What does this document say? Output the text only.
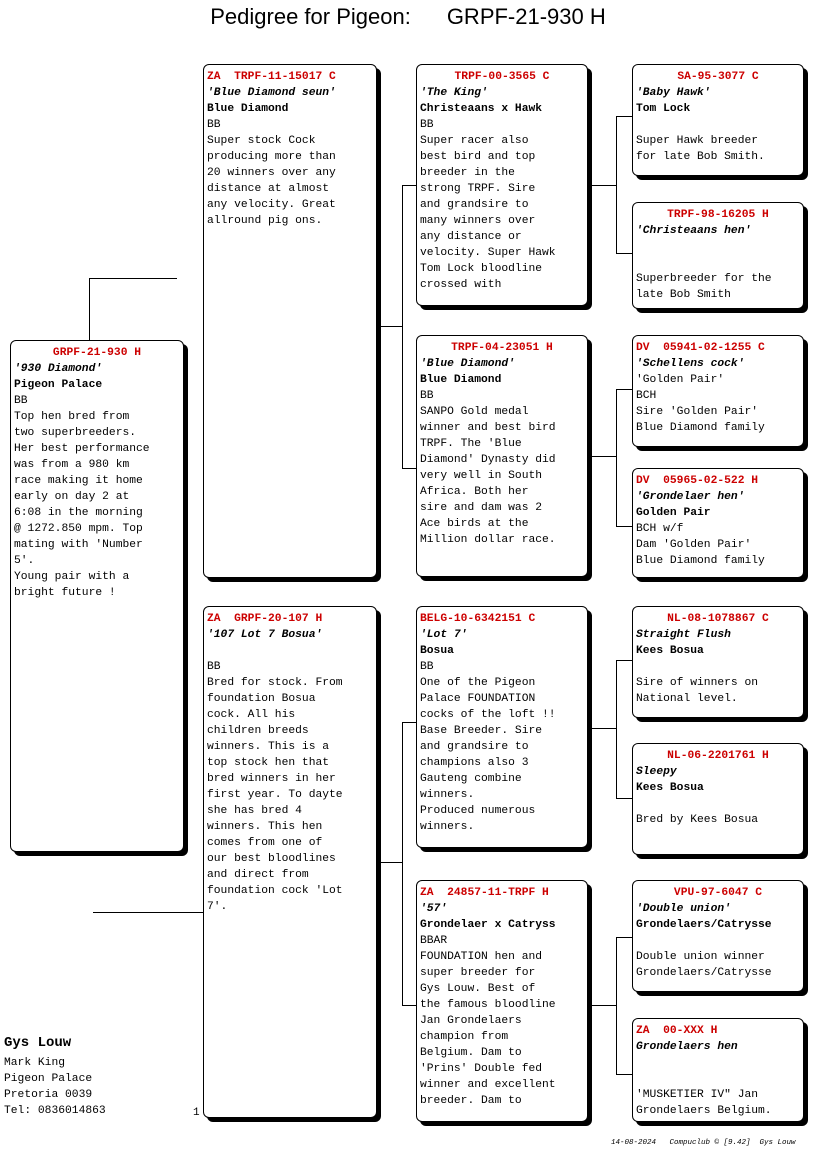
Pedigree for Pigeon: GRPF-21-930 H
GRPF-21-930 H
'930 Diamond'
Pigeon Palace
BB
Top hen bred from
two superbreeders.
Her best performance
was from a 980 km
race making it home
early on day 2 at
6:08 in the morning
@ 1272.850 mpm. Top
mating with 'Number
5'.
Young pair with a
bright future !
ZA  TRPF-11-15017 C
'Blue Diamond seun'
Blue Diamond
BB
Super stock Cock
producing more than
20 winners over any
distance at almost
any velocity. Great
allround pig ons.
ZA  GRPF-20-107 H
'107 Lot 7 Bosua'
BB
Bred for stock. From
foundation Bosua
cock. All his
children breeds
winners. This is a
top stock hen that
bred winners in her
first year. To dayte
she has bred 4
winners. This hen
comes from one of
our best bloodlines
and direct from
foundation cock 'Lot
7'.
TRPF-00-3565 C
'The King'
Christeaans x Hawk
BB
Super racer also
best bird and top
breeder in the
strong TRPF. Sire
and grandsire to
many winners over
any distance or
velocity. Super Hawk
Tom Lock bloodline
crossed with
TRPF-04-23051 H
'Blue Diamond'
Blue Diamond
BB
SANPO Gold medal
winner and best bird
TRPF. The 'Blue
Diamond' Dynasty did
very well in South
Africa. Both her
sire and dam was 2
Ace birds at the
Million dollar race.
BELG-10-6342151 C
'Lot 7'
Bosua
BB
One of the Pigeon
Palace FOUNDATION
cocks of the loft !!
Base Breeder. Sire
and grandsire to
champions also 3
Gauteng combine
winners.
Produced numerous
winners.
ZA  24857-11-TRPF H
'57'
Grondelaer x Catryss
BBAR
FOUNDATION hen and
super breeder for
Gys Louw. Best of
the famous bloodline
Jan Grondelaers
champion from
Belgium. Dam to
'Prins' Double fed
winner and excellent
breeder. Dam to
SA-95-3077 C
'Baby Hawk'
Tom Lock
Super Hawk breeder
for late Bob Smith.
TRPF-98-16205 H
'Christeaans hen'
Superbreeder for the
late Bob Smith
DV  05941-02-1255 C
'Schellens cock'
'Golden Pair'
BCH
Sire 'Golden Pair'
Blue Diamond family
DV  05965-02-522 H
'Grondelaer hen'
Golden Pair
BCH w/f
Dam 'Golden Pair'
Blue Diamond family
NL-08-1078867 C
Straight Flush
Kees Bosua
Sire of winners on
National level.
NL-06-2201761 H
Sleepy
Kees Bosua
Bred by Kees Bosua
VPU-97-6047 C
'Double union'
Grondelaers/Catrysse
Double union winner
Grondelaers/Catrysse
ZA  00-XXX H
Grondelaers hen
'MUSKETIER IV" Jan
Grondelaers Belgium.
Gys Louw
Mark King
Pigeon Palace
Pretoria 0039
Tel: 0836014863	1
14-08-2024   Compuclub © [9.42]  Gys Louw
